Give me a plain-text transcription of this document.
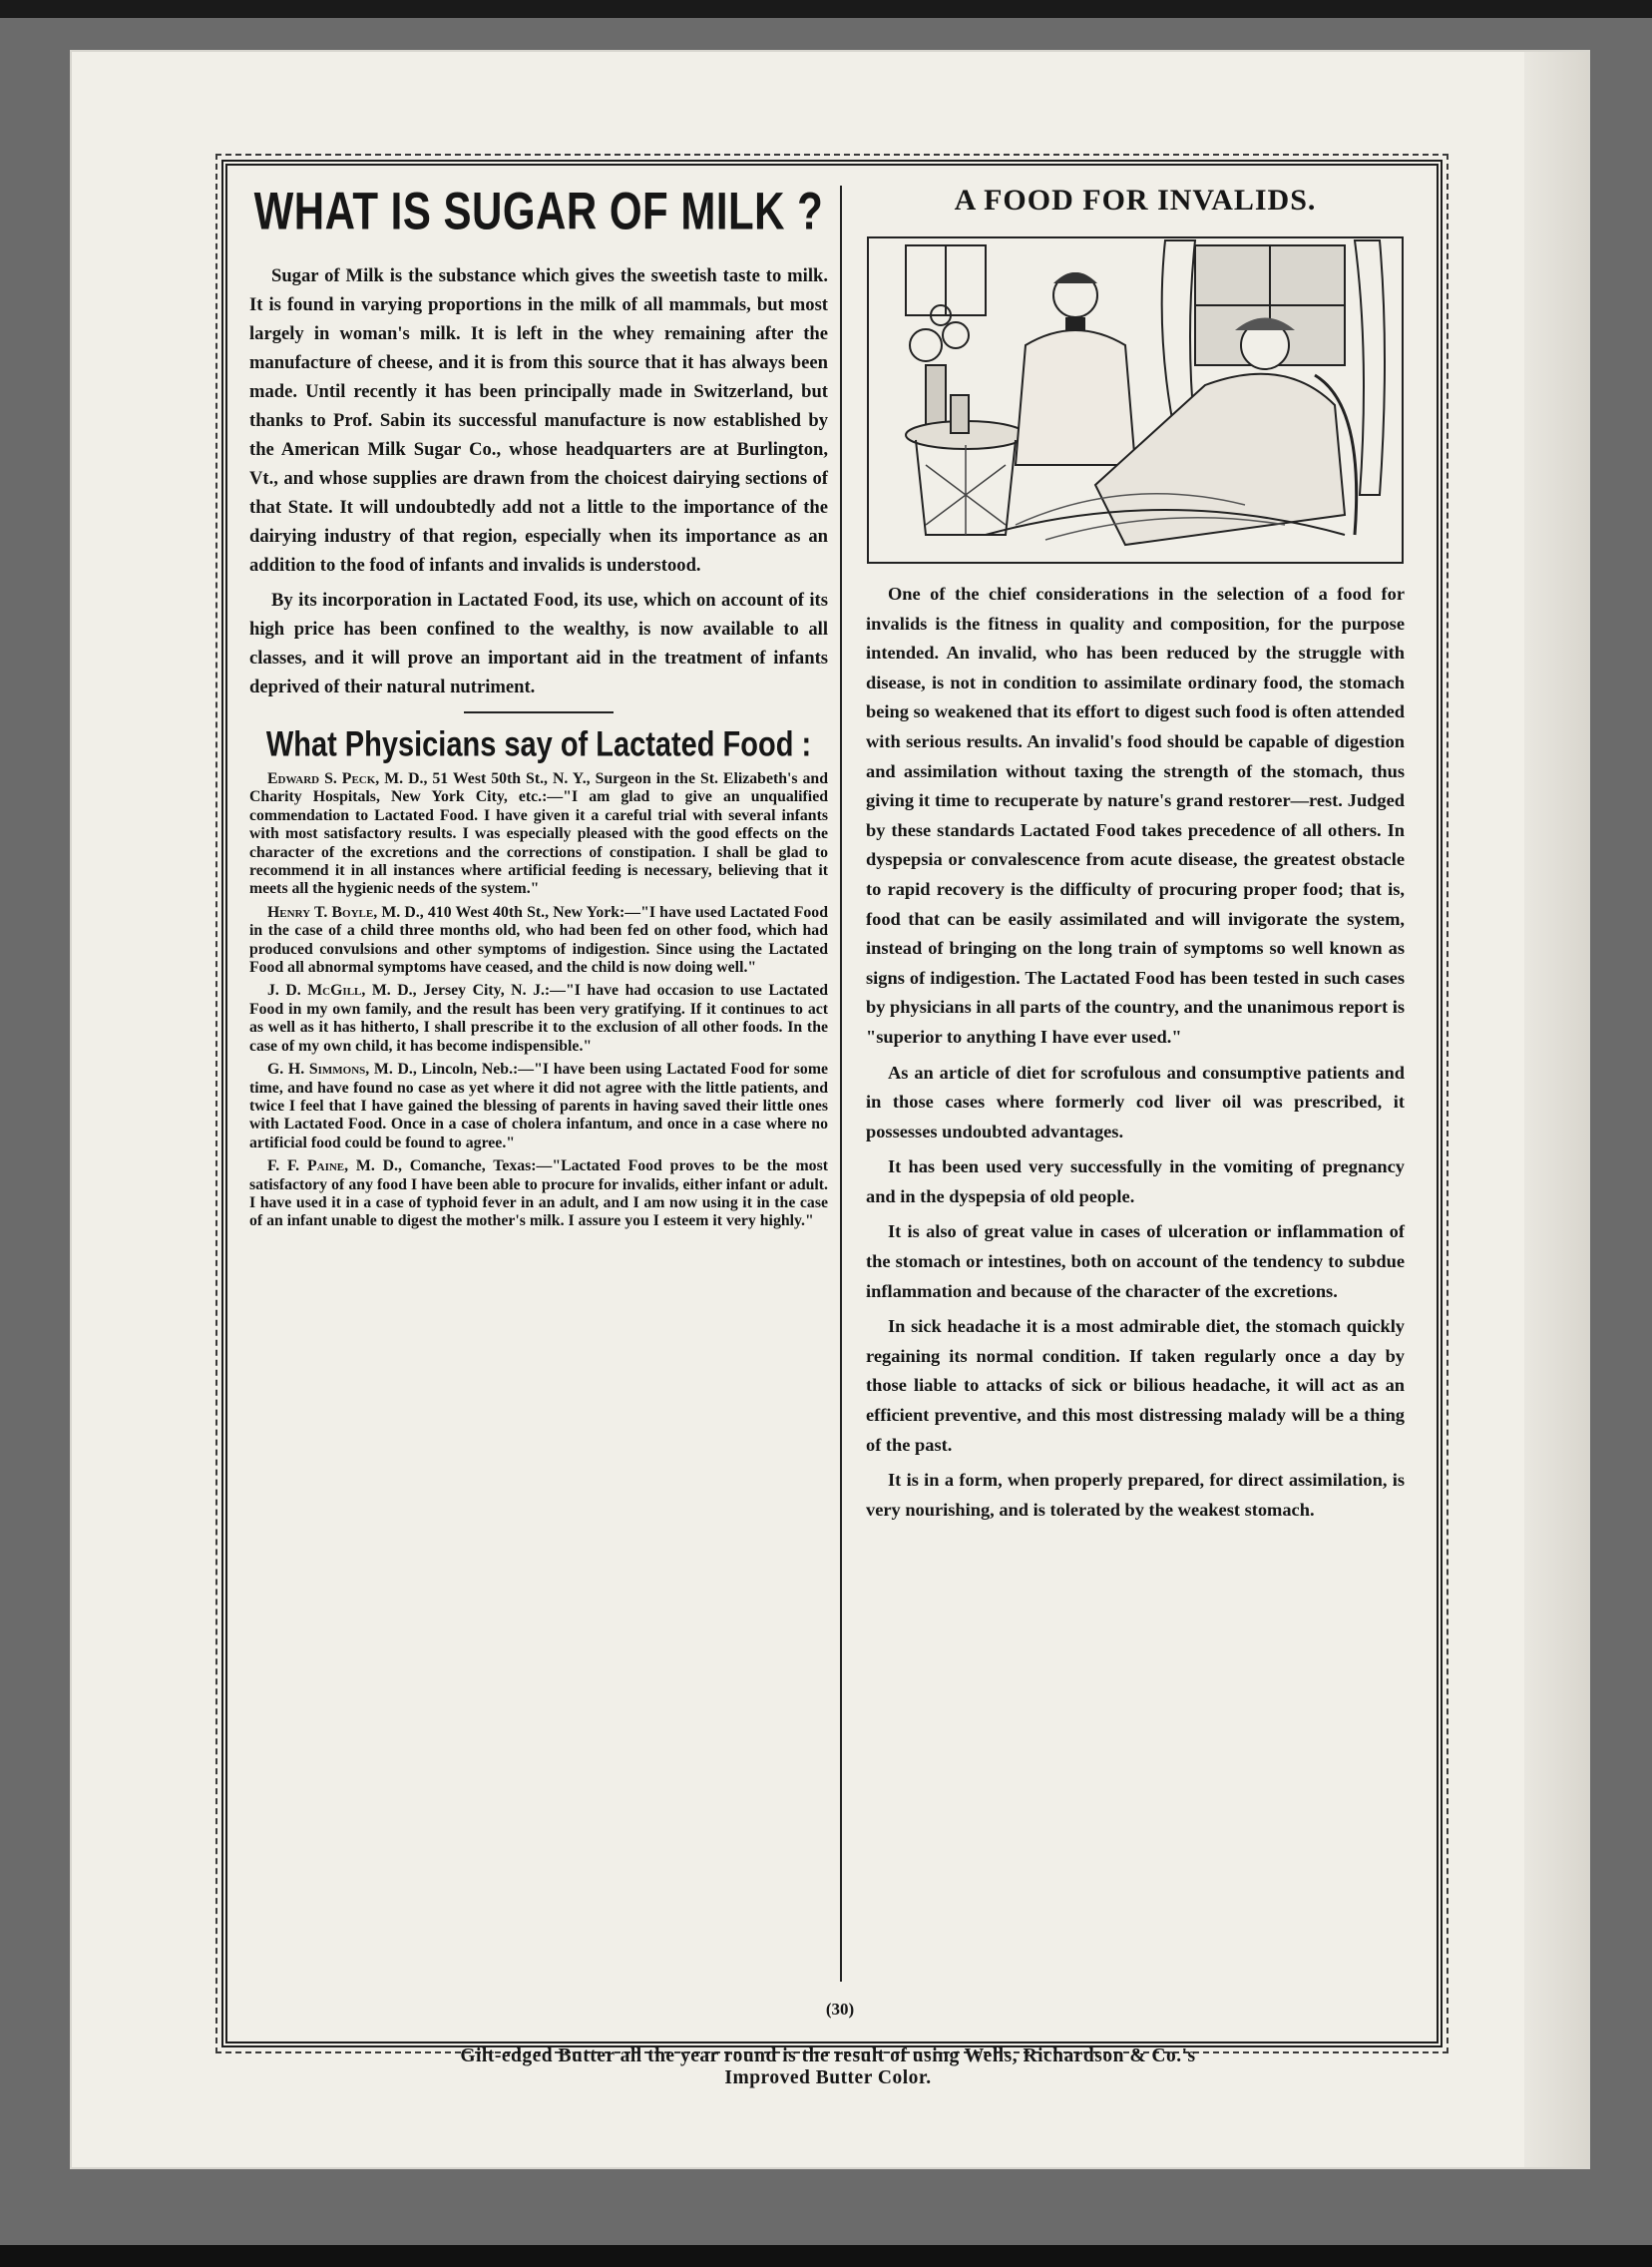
WHAT IS SUGAR OF MILK ?

Sugar of Milk is the substance which gives the sweetish taste to milk. It is found in varying proportions in the milk of all mammals, but most largely in woman's milk. It is left in the whey remaining after the manufacture of cheese, and it is from this source that it has always been made. Until recently it has been principally made in Switzerland, but thanks to Prof. Sabin its successful manufacture is now established by the American Milk Sugar Co., whose headquarters are at Burlington, Vt., and whose supplies are drawn from the choicest dairying sections of that State. It will undoubtedly add not a little to the importance of the dairying industry of that region, especially when its importance as an addition to the food of infants and invalids is understood.

By its incorporation in Lactated Food, its use, which on account of its high price has been confined to the wealthy, is now available to all classes, and it will prove an important aid in the treatment of infants deprived of their natural nutriment.

What Physicians say of Lactated Food :

Edward S. Peck, M. D., 51 West 50th St., N. Y., Surgeon in the St. Elizabeth's and Charity Hospitals, New York City, etc.:—"I am glad to give an unqualified commendation to Lactated Food. I have given it a careful trial with several infants with most satisfactory results. I was especially pleased with the good effects on the character of the excretions and the corrections of constipation. I shall be glad to recommend it in all instances where artificial feeding is necessary, believing that it meets all the hygienic needs of the system."

Henry T. Boyle, M. D., 410 West 40th St., New York:—"I have used Lactated Food in the case of a child three months old, who had been fed on other food, which had produced convulsions and other symptoms of indigestion. Since using the Lactated Food all abnormal symptoms have ceased, and the child is now doing well."

J. D. McGill, M. D., Jersey City, N. J.:—"I have had occasion to use Lactated Food in my own family, and the result has been very gratifying. If it continues to act as well as it has hitherto, I shall prescribe it to the exclusion of all other foods. In the case of my own child, it has become indispensible."

G. H. Simmons, M. D., Lincoln, Neb.:—"I have been using Lactated Food for some time, and have found no case as yet where it did not agree with the little patients, and twice I feel that I have gained the blessing of parents in having saved their little ones with Lactated Food. Once in a case of cholera infantum, and once in a case where no artificial food could be found to agree."

F. F. Paine, M. D., Comanche, Texas:—"Lactated Food proves to be the most satisfactory of any food I have been able to procure for invalids, either infant or adult. I have used it in a case of typhoid fever in an adult, and I am now using it in the case of an infant unable to digest the mother's milk. I assure you I esteem it very highly."

A FOOD FOR INVALIDS.

One of the chief considerations in the selection of a food for invalids is the fitness in quality and composition, for the purpose intended. An invalid, who has been reduced by the struggle with disease, is not in condition to assimilate ordinary food, the stomach being so weakened that its effort to digest such food is often attended with serious results. An invalid's food should be capable of digestion and assimilation without taxing the strength of the stomach, thus giving it time to recuperate by nature's grand restorer—rest. Judged by these standards Lactated Food takes precedence of all others. In dyspepsia or convalescence from acute disease, the greatest obstacle to rapid recovery is the difficulty of procuring proper food; that is, food that can be easily assimilated and will invigorate the system, instead of bringing on the long train of symptoms so well known as signs of indigestion. The Lactated Food has been tested in such cases by physicians in all parts of the country, and the unanimous report is "superior to anything I have ever used."

As an article of diet for scrofulous and consumptive patients and in those cases where formerly cod liver oil was prescribed, it possesses undoubted advantages.

It has been used very successfully in the vomiting of pregnancy and in the dyspepsia of old people.

It is also of great value in cases of ulceration or inflammation of the stomach or intestines, both on account of the tendency to subdue inflammation and because of the character of the excretions.

In sick headache it is a most admirable diet, the stomach quickly regaining its normal condition. If taken regularly once a day by those liable to attacks of sick or bilious headache, it will act as an efficient preventive, and this most distressing malady will be a thing of the past.

It is in a form, when properly prepared, for direct assimilation, is very nourishing, and is tolerated by the weakest stomach.

(30)
Gilt-edged Butter all the year round is the result of using Wells, Richardson & Co.'s
Improved Butter Color.
